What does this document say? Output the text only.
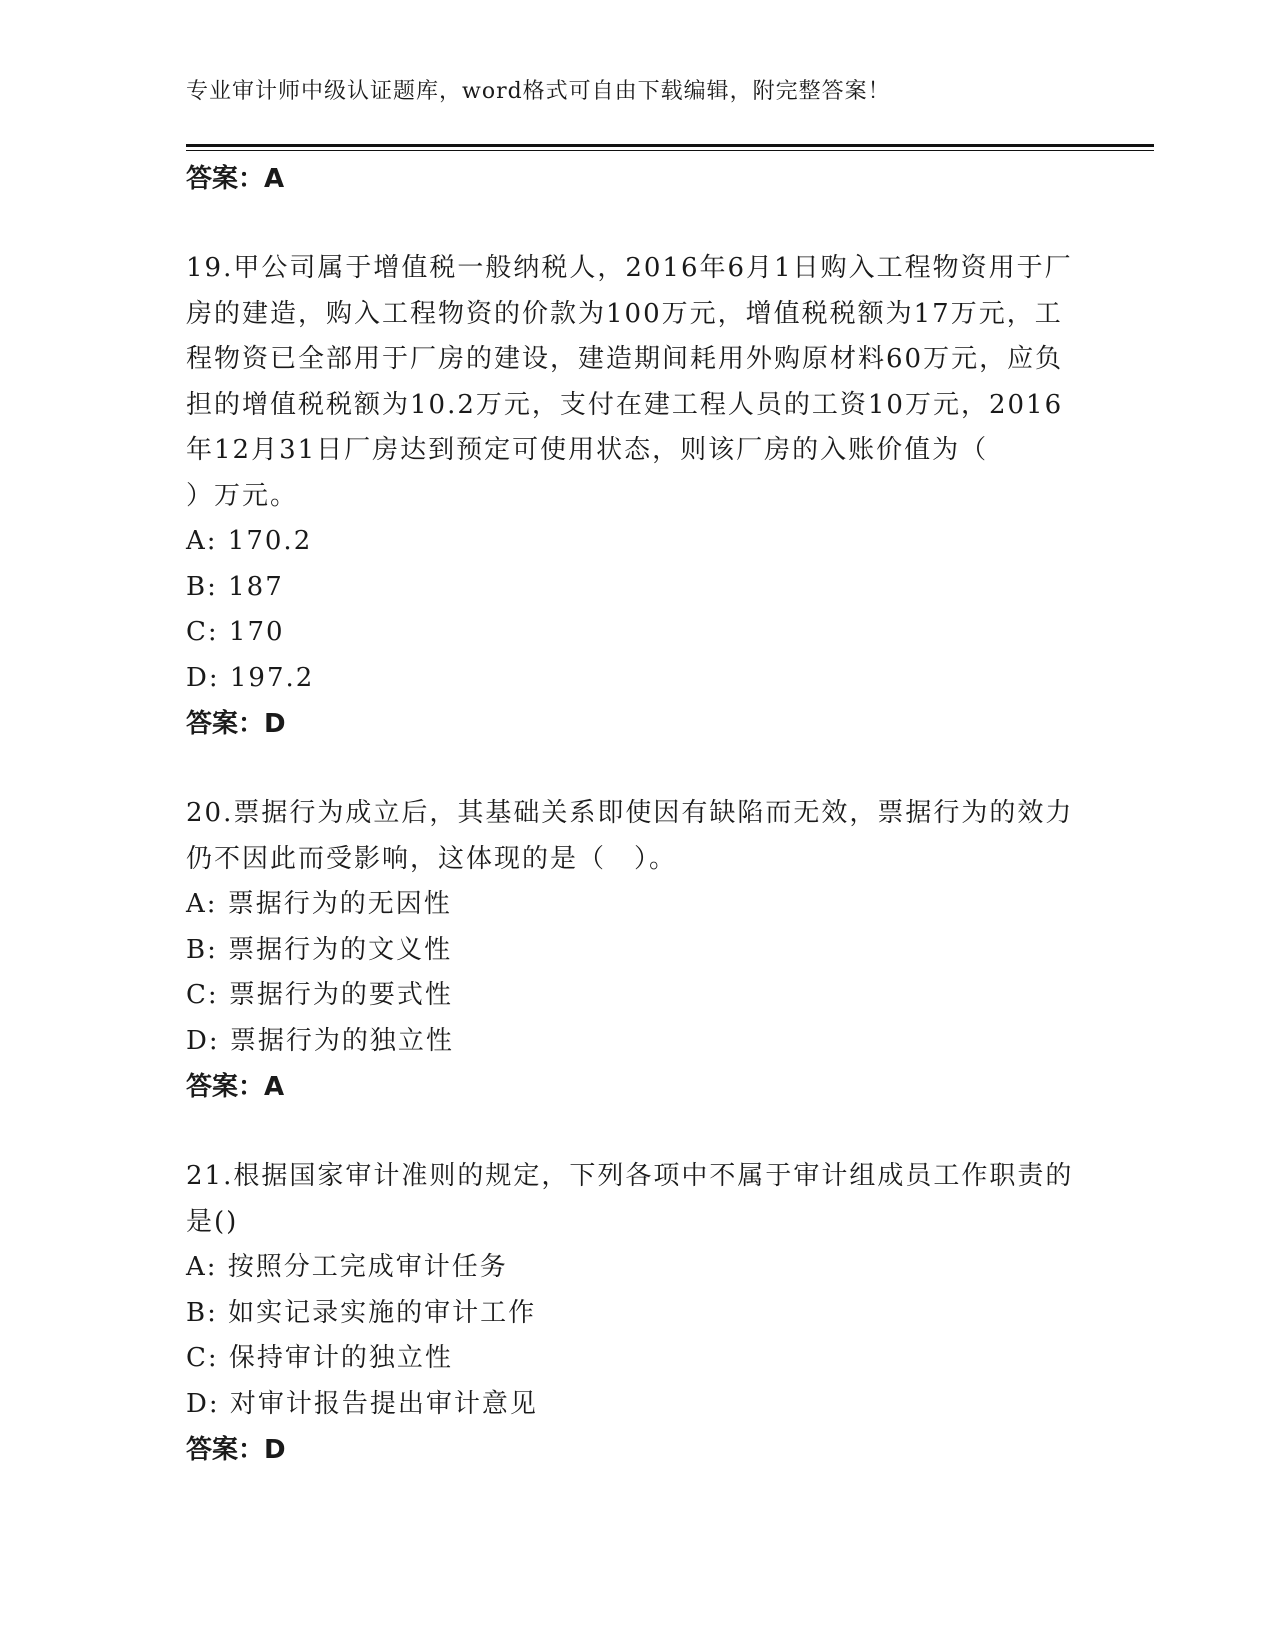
专业审计师中级认证题库，word格式可自由下载编辑，附完整答案！
答案：A
19.甲公司属于增值税一般纳税人，2016年6月1日购入工程物资用于厂房的建造，购入工程物资的价款为100万元，增值税税额为17万元，工程物资已全部用于厂房的建设，建造期间耗用外购原材料60万元，应负担的增值税税额为10.2万元，支付在建工程人员的工资10万元，2016年12月31日厂房达到预定可使用状态，则该厂房的入账价值为（　　　）万元。
A: 170.2
B: 187
C: 170
D: 197.2
答案：D
20.票据行为成立后，其基础关系即使因有缺陷而无效，票据行为的效力仍不因此而受影响，这体现的是（　）。
A: 票据行为的无因性
B: 票据行为的文义性
C: 票据行为的要式性
D: 票据行为的独立性
答案：A
21.根据国家审计准则的规定，下列各项中不属于审计组成员工作职责的是()
A: 按照分工完成审计任务
B: 如实记录实施的审计工作
C: 保持审计的独立性
D: 对审计报告提出审计意见
答案：D
